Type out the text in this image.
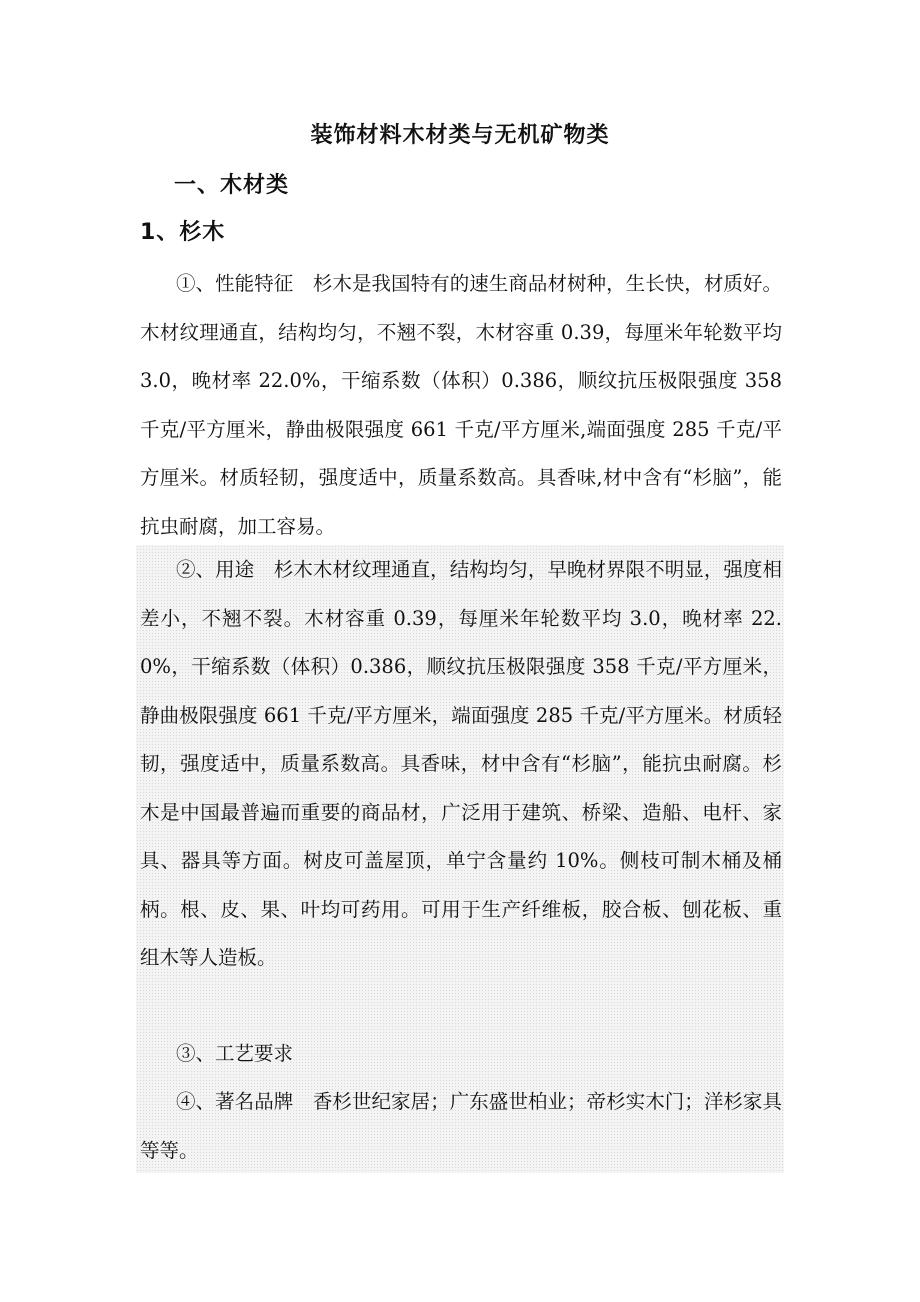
装饰材料木材类与无机矿物类
一、木材类
1、杉木
①、性能特征　杉木是我国特有的速生商品材树种，生长快，材质好。木材纹理通直，结构均匀，不翘不裂，木材容重 0.39，每厘米年轮数平均 3.0，晚材率 22.0%，干缩系数（体积）0.386，顺纹抗压极限强度 358 千克/平方厘米，静曲极限强度 661 千克/平方厘米,端面强度 285 千克/平方厘米。材质轻韧，强度适中，质量系数高。具香味,材中含有“杉脑”，能抗虫耐腐，加工容易。
②、用途　杉木木材纹理通直，结构均匀，早晚材界限不明显，强度相差小，不翘不裂。木材容重 0.39，每厘米年轮数平均 3.0，晚材率 22.0%，干缩系数（体积）0.386，顺纹抗压极限强度 358 千克/平方厘米，静曲极限强度 661 千克/平方厘米，端面强度 285 千克/平方厘米。材质轻韧，强度适中，质量系数高。具香味，材中含有“杉脑”，能抗虫耐腐。杉木是中国最普遍而重要的商品材，广泛用于建筑、桥梁、造船、电杆、家具、器具等方面。树皮可盖屋顶，单宁含量约 10%。侧枝可制木桶及桶柄。根、皮、果、叶均可药用。可用于生产纤维板，胶合板、刨花板、重组木等人造板。
③、工艺要求
④、著名品牌　香杉世纪家居；广东盛世柏业；帝杉实木门；洋杉家具等等。
